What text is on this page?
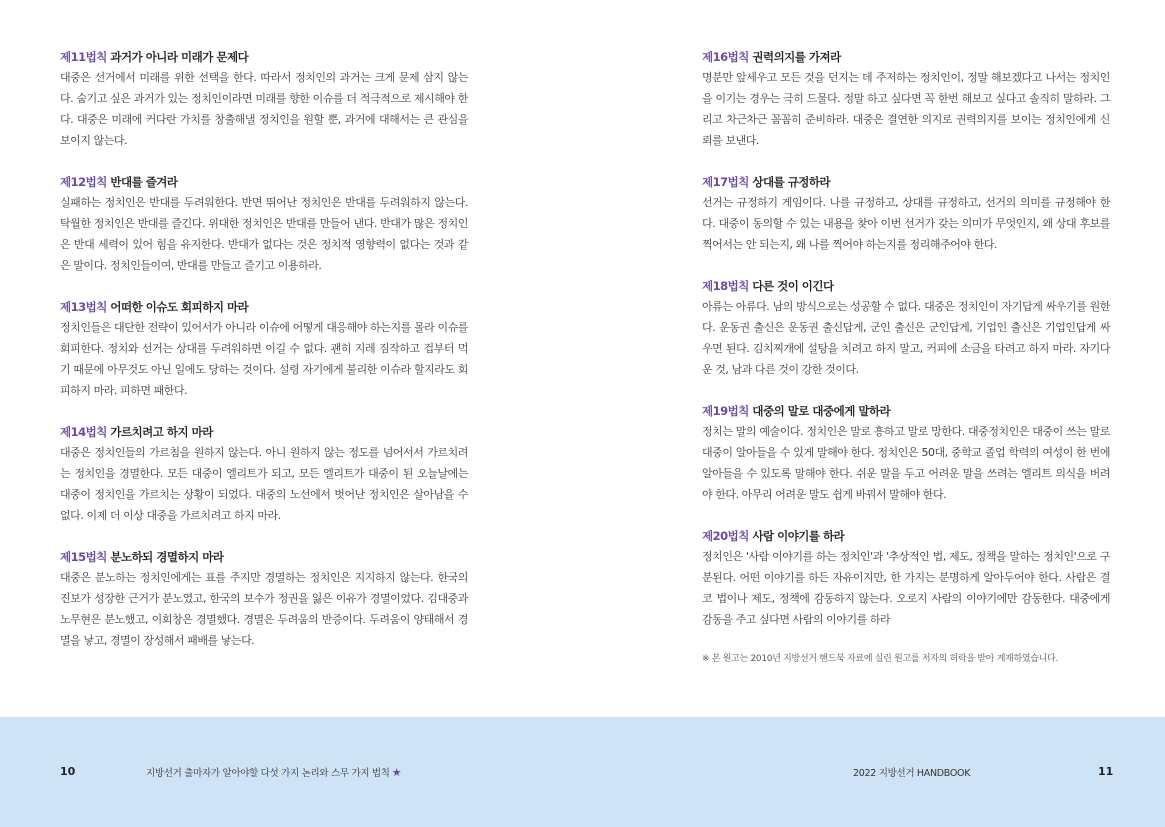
제11법칙 과거가 아니라 미래가 문제다
대중은 선거에서 미래를 위한 선택을 한다. 따라서 정치인의 과거는 크게 문제 삼지 않는다. 숨기고 싶은 과거가 있는 정치인이라면 미래를 향한 이슈를 더 적극적으로 제시해야 한다. 대중은 미래에 커다란 가치를 창출해낼 정치인을 원할 뿐, 과거에 대해서는 큰 관심을 보이지 않는다.
제12법칙 반대를 즐겨라
실패하는 정치인은 반대를 두려워한다. 반면 뛰어난 정치인은 반대를 두려워하지 않는다. 탁월한 정치인은 반대를 즐긴다. 위대한 정치인은 반대를 만들어 낸다. 반대가 많은 정치인은 반대 세력이 있어 힘을 유지한다. 반대가 없다는 것은 정치적 영향력이 없다는 것과 같은 말이다. 정치인들이여, 반대를 만들고 즐기고 이용하라.
제13법칙 어떠한 이슈도 회피하지 마라
정치인들은 대단한 전략이 있어서가 아니라 이슈에 어떻게 대응해야 하는지를 몰라 이슈를 회피한다. 정치와 선거는 상대를 두려워하면 이길 수 없다. 괜히 지레 짐작하고 겁부터 먹기 때문에 아무것도 아닌 일에도 당하는 것이다. 설령 자기에게 불리한 이슈라 할지라도 회피하지 마라. 피하면 패한다.
제14법칙 가르치려고 하지 마라
대중은 정치인들의 가르침을 원하지 않는다. 아니 원하지 않는 정도를 넘어서서 가르치려는 정치인을 경멸한다. 모든 대중이 엘리트가 되고, 모든 엘리트가 대중이 된 오늘날에는 대중이 정치인을 가르치는 상황이 되었다. 대중의 노선에서 벗어난 정치인은 살아남을 수 없다. 이제 더 이상 대중을 가르치려고 하지 마라.
제15법칙 분노하되 경멸하지 마라
대중은 분노하는 정치인에게는 표를 주지만 경멸하는 정치인은 지지하지 않는다. 한국의 진보가 성장한 근거가 분노였고, 한국의 보수가 정권을 잃은 이유가 경멸이었다. 김대중과 노무현은 분노했고, 이회창은 경멸했다. 경멸은 두려움의 반증이다. 두려움이 양태해서 경멸을 낳고, 경멸이 장성해서 패배를 낳는다.
제16법칙 권력의지를 가져라
명분만 앞세우고 모든 것을 던지는 데 주저하는 정치인이, 정말 해보겠다고 나서는 정치인을 이기는 경우는 극히 드물다. 정말 하고 싶다면 꼭 한번 해보고 싶다고 솔직히 말하라. 그리고 차근차근 꼼꼼히 준비하라. 대중은 결연한 의지로 권력의지를 보이는 정치인에게 신뢰를 보낸다.
제17법칙 상대를 규정하라
선거는 규정하기 게임이다. 나를 규정하고, 상대를 규정하고, 선거의 의미를 규정해야 한다. 대중이 동의할 수 있는 내용을 찾아 이번 선거가 갖는 의미가 무엇인지, 왜 상대 후보를 찍어서는 안 되는지, 왜 나를 찍어야 하는지를 정리해주어야 한다.
제18법칙 다른 것이 이긴다
아류는 아류다. 남의 방식으로는 성공할 수 없다. 대중은 정치인이 자기답게 싸우기를 원한다. 운동권 출신은 운동권 출신답게, 군인 출신은 군인답게, 기업인 출신은 기업인답게 싸우면 된다. 김치찌개에 설탕을 치려고 하지 말고, 커피에 소금을 타려고 하지 마라. 자기다운 것, 남과 다른 것이 강한 것이다.
제19법칙 대중의 말로 대중에게 말하라
정치는 말의 예술이다. 정치인은 말로 흥하고 말로 망한다. 대중정치인은 대중이 쓰는 말로 대중이 알아들을 수 있게 말해야 한다. 정치인은 50대, 중학교 졸업 학력의 여성이 한 번에 알아들을 수 있도록 말해야 한다. 쉬운 말을 두고 어려운 말을 쓰려는 엘리트 의식을 버려야 한다. 아무리 어려운 말도 쉽게 바꿔서 말해야 한다.
제20법칙 사람 이야기를 하라
정치인은 '사람 이야기를 하는 정치인'과 '추상적인 법, 제도, 정책을 말하는 정치인'으로 구분된다. 어떤 이야기를 하든 자유이지만, 한 가지는 분명하게 알아두어야 한다. 사람은 결코 법이나 제도, 정책에 감동하지 않는다. 오로지 사람의 이야기에만 감동한다. 대중에게 감동을 주고 싶다면 사람의 이야기를 하라
※ 본 원고는 2010년 지방선거 핸드북 자료에 실린 원고를 저자의 허락을 받아 게재하였습니다.
10	지방선거 출마자가 알아야할 다섯 가지 논리와 스무 가지 법칙 ★	2022 지방선거 HANDBOOK	11
